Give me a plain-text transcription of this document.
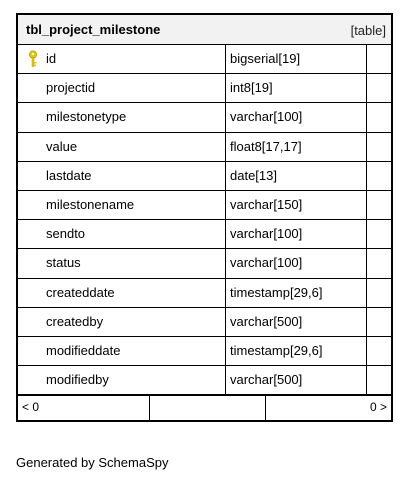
tbl_project_milestone	[table]
id	bigserial[19]
projectid	int8[19]
milestonetype	varchar[100]
value	float8[17,17]
lastdate	date[13]
milestonename	varchar[150]
sendto	varchar[100]
status	varchar[100]
createddate	timestamp[29,6]
createdby	varchar[500]
modifieddate	timestamp[29,6]
modifiedby	varchar[500]
< 0	0 >
Generated by SchemaSpy
